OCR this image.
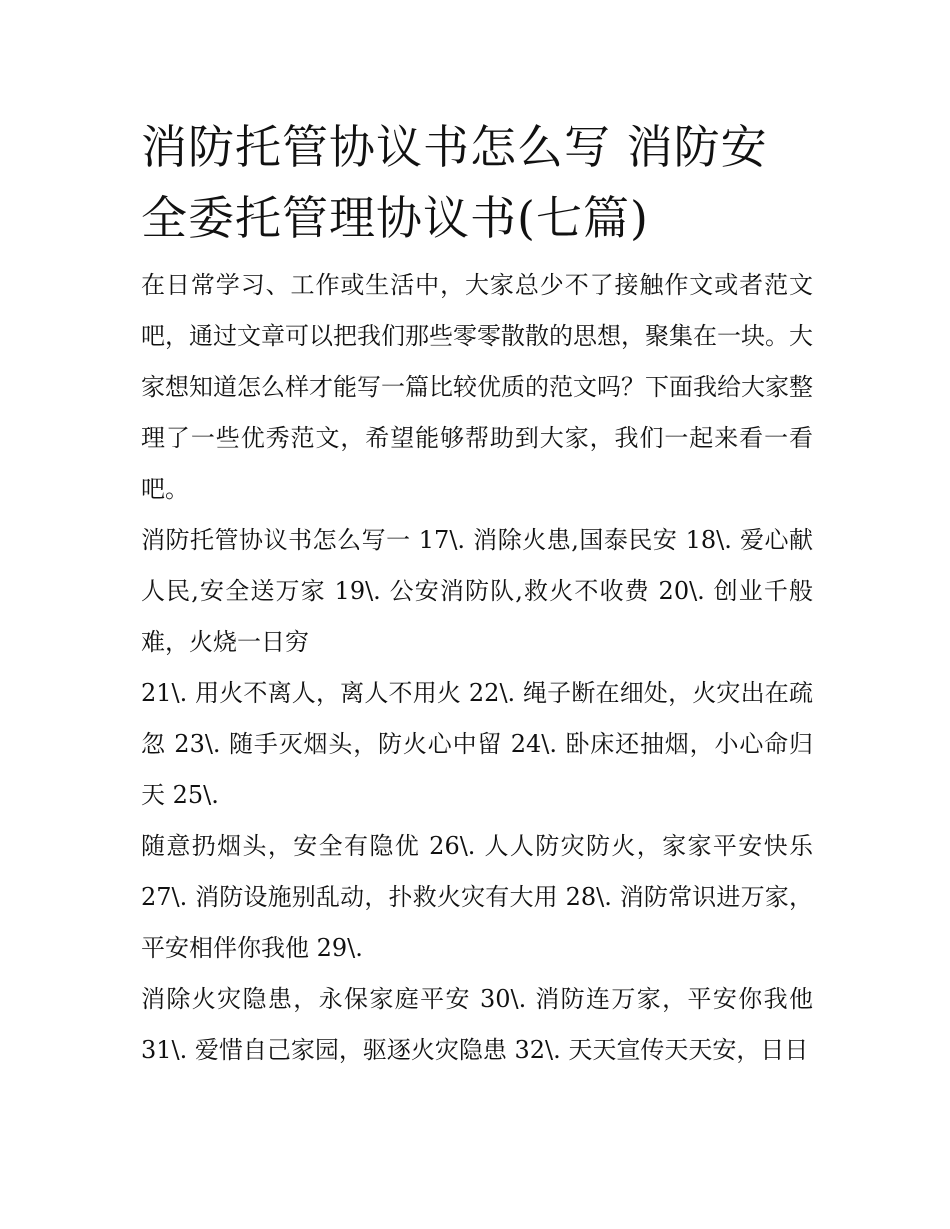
消防托管协议书怎么写 消防安全委托管理协议书(七篇)

在日常学习、工作或生活中，大家总少不了接触作文或者范文吧，通过文章可以把我们那些零零散散的思想，聚集在一块。大家想知道怎么样才能写一篇比较优质的范文吗？下面我给大家整理了一些优秀范文，希望能够帮助到大家，我们一起来看一看吧。

消防托管协议书怎么写一 17\. 消除火患,国泰民安 18\. 爱心献人民,安全送万家 19\. 公安消防队,救火不收费 20\. 创业千般难，火烧一日穷

21\. 用火不离人，离人不用火 22\. 绳子断在细处，火灾出在疏忽 23\. 随手灭烟头，防火心中留 24\. 卧床还抽烟，小心命归天 25\.

随意扔烟头，安全有隐优 26\. 人人防灾防火，家家平安快乐 27\. 消防设施别乱动，扑救火灾有大用 28\. 消防常识进万家，平安相伴你我他 29\.

消除火灾隐患，永保家庭平安 30\. 消防连万家，平安你我他 31\. 爱惜自己家园，驱逐火灾隐患 32\. 天天宣传天天安，日日
